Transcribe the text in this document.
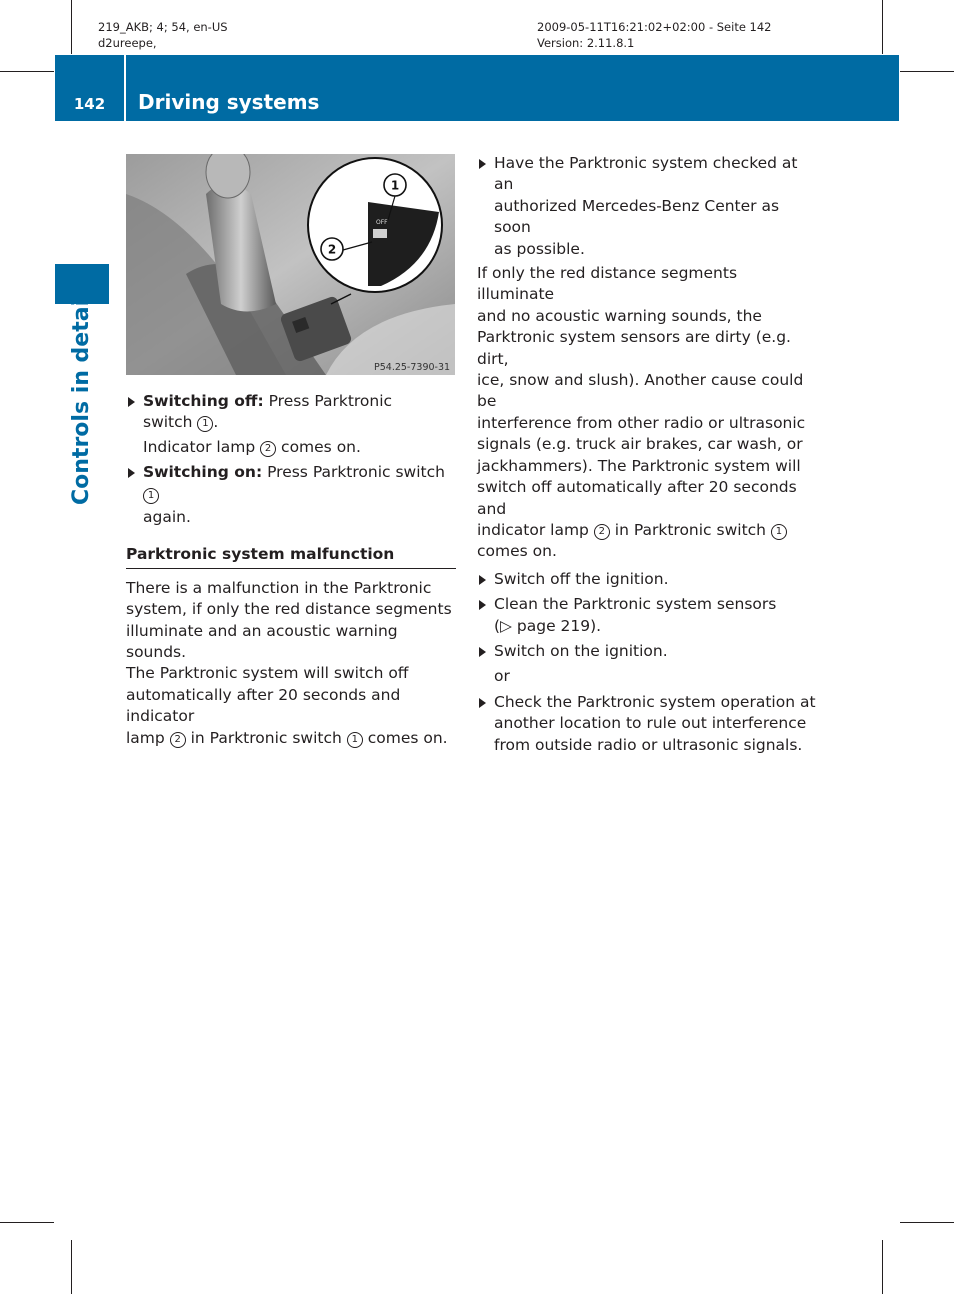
219_AKB; 4; 54, en-US
d2ureepe,
2009-05-11T16:21:02+02:00 - Seite 142
Version: 2.11.8.1
142	Driving systems
Controls in detail
OFF
1
2
P54.25-7390-31

Switching off: Press Parktronic

switch 1 .

Indicator lamp 2 comes on.

Switching on: Press Parktronic switch 1

again.

Parktronic system malfunction

There is a malfunction in the Parktronic

system, if only the red distance segments

illuminate and an acoustic warning sounds.

The Parktronic system will switch off

automatically after 20 seconds and indicator

lamp 2 in Parktronic switch 1 comes on.

Have the Parktronic system checked at an

authorized Mercedes-Benz Center as soon

as possible.

If only the red distance segments illuminate

and no acoustic warning sounds, the

Parktronic system sensors are dirty (e.g. dirt,

ice, snow and slush). Another cause could be

interference from other radio or ultrasonic

signals (e.g. truck air brakes, car wash, or

jackhammers). The Parktronic system will

switch off automatically after 20 seconds and

indicator lamp 2 in Parktronic switch 1

comes on.

Switch off the ignition.

Clean the Parktronic system sensors

(▷ page 219).

Switch on the ignition.

or

Check the Parktronic system operation at

another location to rule out interference

from outside radio or ultrasonic signals.
